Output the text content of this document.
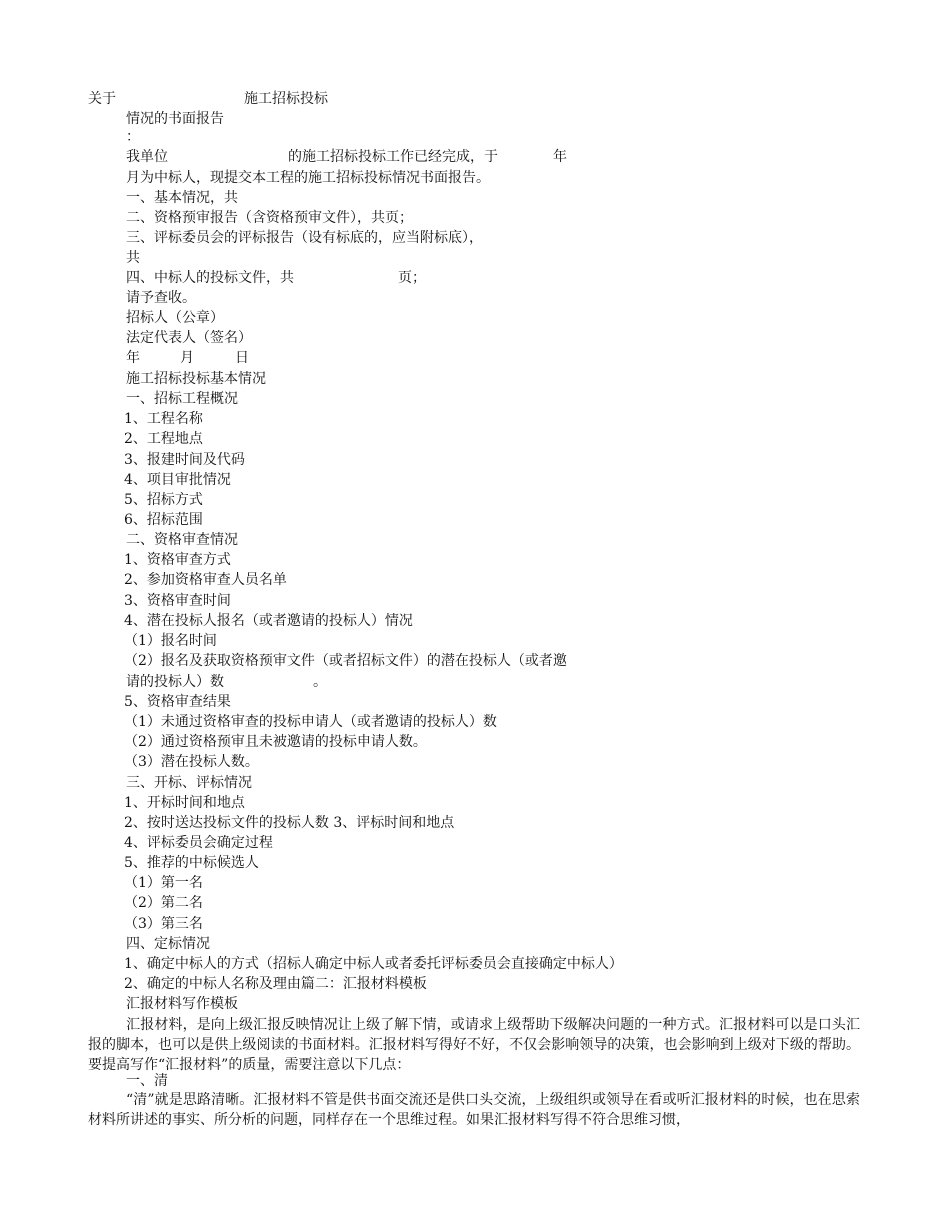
关于	施工招标投标
情况的书面报告
：
我单位	的施工招标投标工作已经完成，于	年
月为中标人，现提交本工程的施工招标投标情况书面报告。
一、基本情况，共
二、资格预审报告（含资格预审文件），共页；
三、评标委员会的评标报告（设有标底的，应当附标底），
共
四、中标人的投标文件，共	页；
请予查收。
招标人（公章）
法定代表人（签名）
年	月	日
施工招标投标基本情况
一、招标工程概况
1、工程名称
2、工程地点
3、报建时间及代码
4、项目审批情况
5、招标方式
6、招标范围
二、资格审查情况
1、资格审查方式
2、参加资格审查人员名单
3、资格审查时间
4、潜在投标人报名（或者邀请的投标人）情况
（1）报名时间
（2）报名及获取资格预审文件（或者招标文件）的潜在投标人（或者邀
请的投标人）数	。
5、资格审查结果
（1）未通过资格审查的投标申请人（或者邀请的投标人）数
（2）通过资格预审且未被邀请的投标申请人数。
（3）潜在投标人数。
三、开标、评标情况
1、开标时间和地点
2、按时送达投标文件的投标人数 3、评标时间和地点
4、评标委员会确定过程
5、推荐的中标候选人
（1）第一名
（2）第二名
（3）第三名
四、定标情况
1、确定中标人的方式（招标人确定中标人或者委托评标委员会直接确定中标人）
2、确定的中标人名称及理由篇二：汇报材料模板
汇报材料写作模板
汇报材料，是向上级汇报反映情况让上级了解下情，或请求上级帮助下级解决问题的一种方式。汇报材料可以是口头汇报的脚本，也可以是供上级阅读的书面材料。汇报材料写得好不好，不仅会影响领导的决策，也会影响到上级对下级的帮助。要提高写作“汇报材料”的质量，需要注意以下几点：
一、清
“清”就是思路清晰。汇报材料不管是供书面交流还是供口头交流，上级组织或领导在看或听汇报材料的时候，也在思索材料所讲述的事实、所分析的问题，同样存在一个思维过程。如果汇报材料写得不符合思维习惯，
